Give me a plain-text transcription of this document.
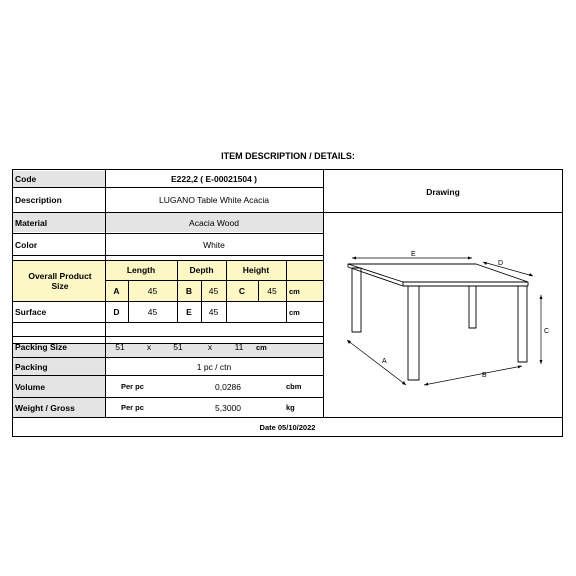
ITEM DESCRIPTION / DETAILS:
Code	E222,2 ( E-00021504 )
Description	LUGANO Table White Acacia
Material	Acacia Wood
Color	White
Overall Product
Size
Length	Depth	Height
A	45	B	45	C	45	cm
Surface	D	45	E	45	cm
Packing Size	51	x	51	x	11	cm
Packing	1 pc / ctn
Volume	Per pc	0,0286	cbm
Weight / Gross	Per pc	5,3000	kg
Drawing
E
D
C
A
B
Date 05/10/2022
